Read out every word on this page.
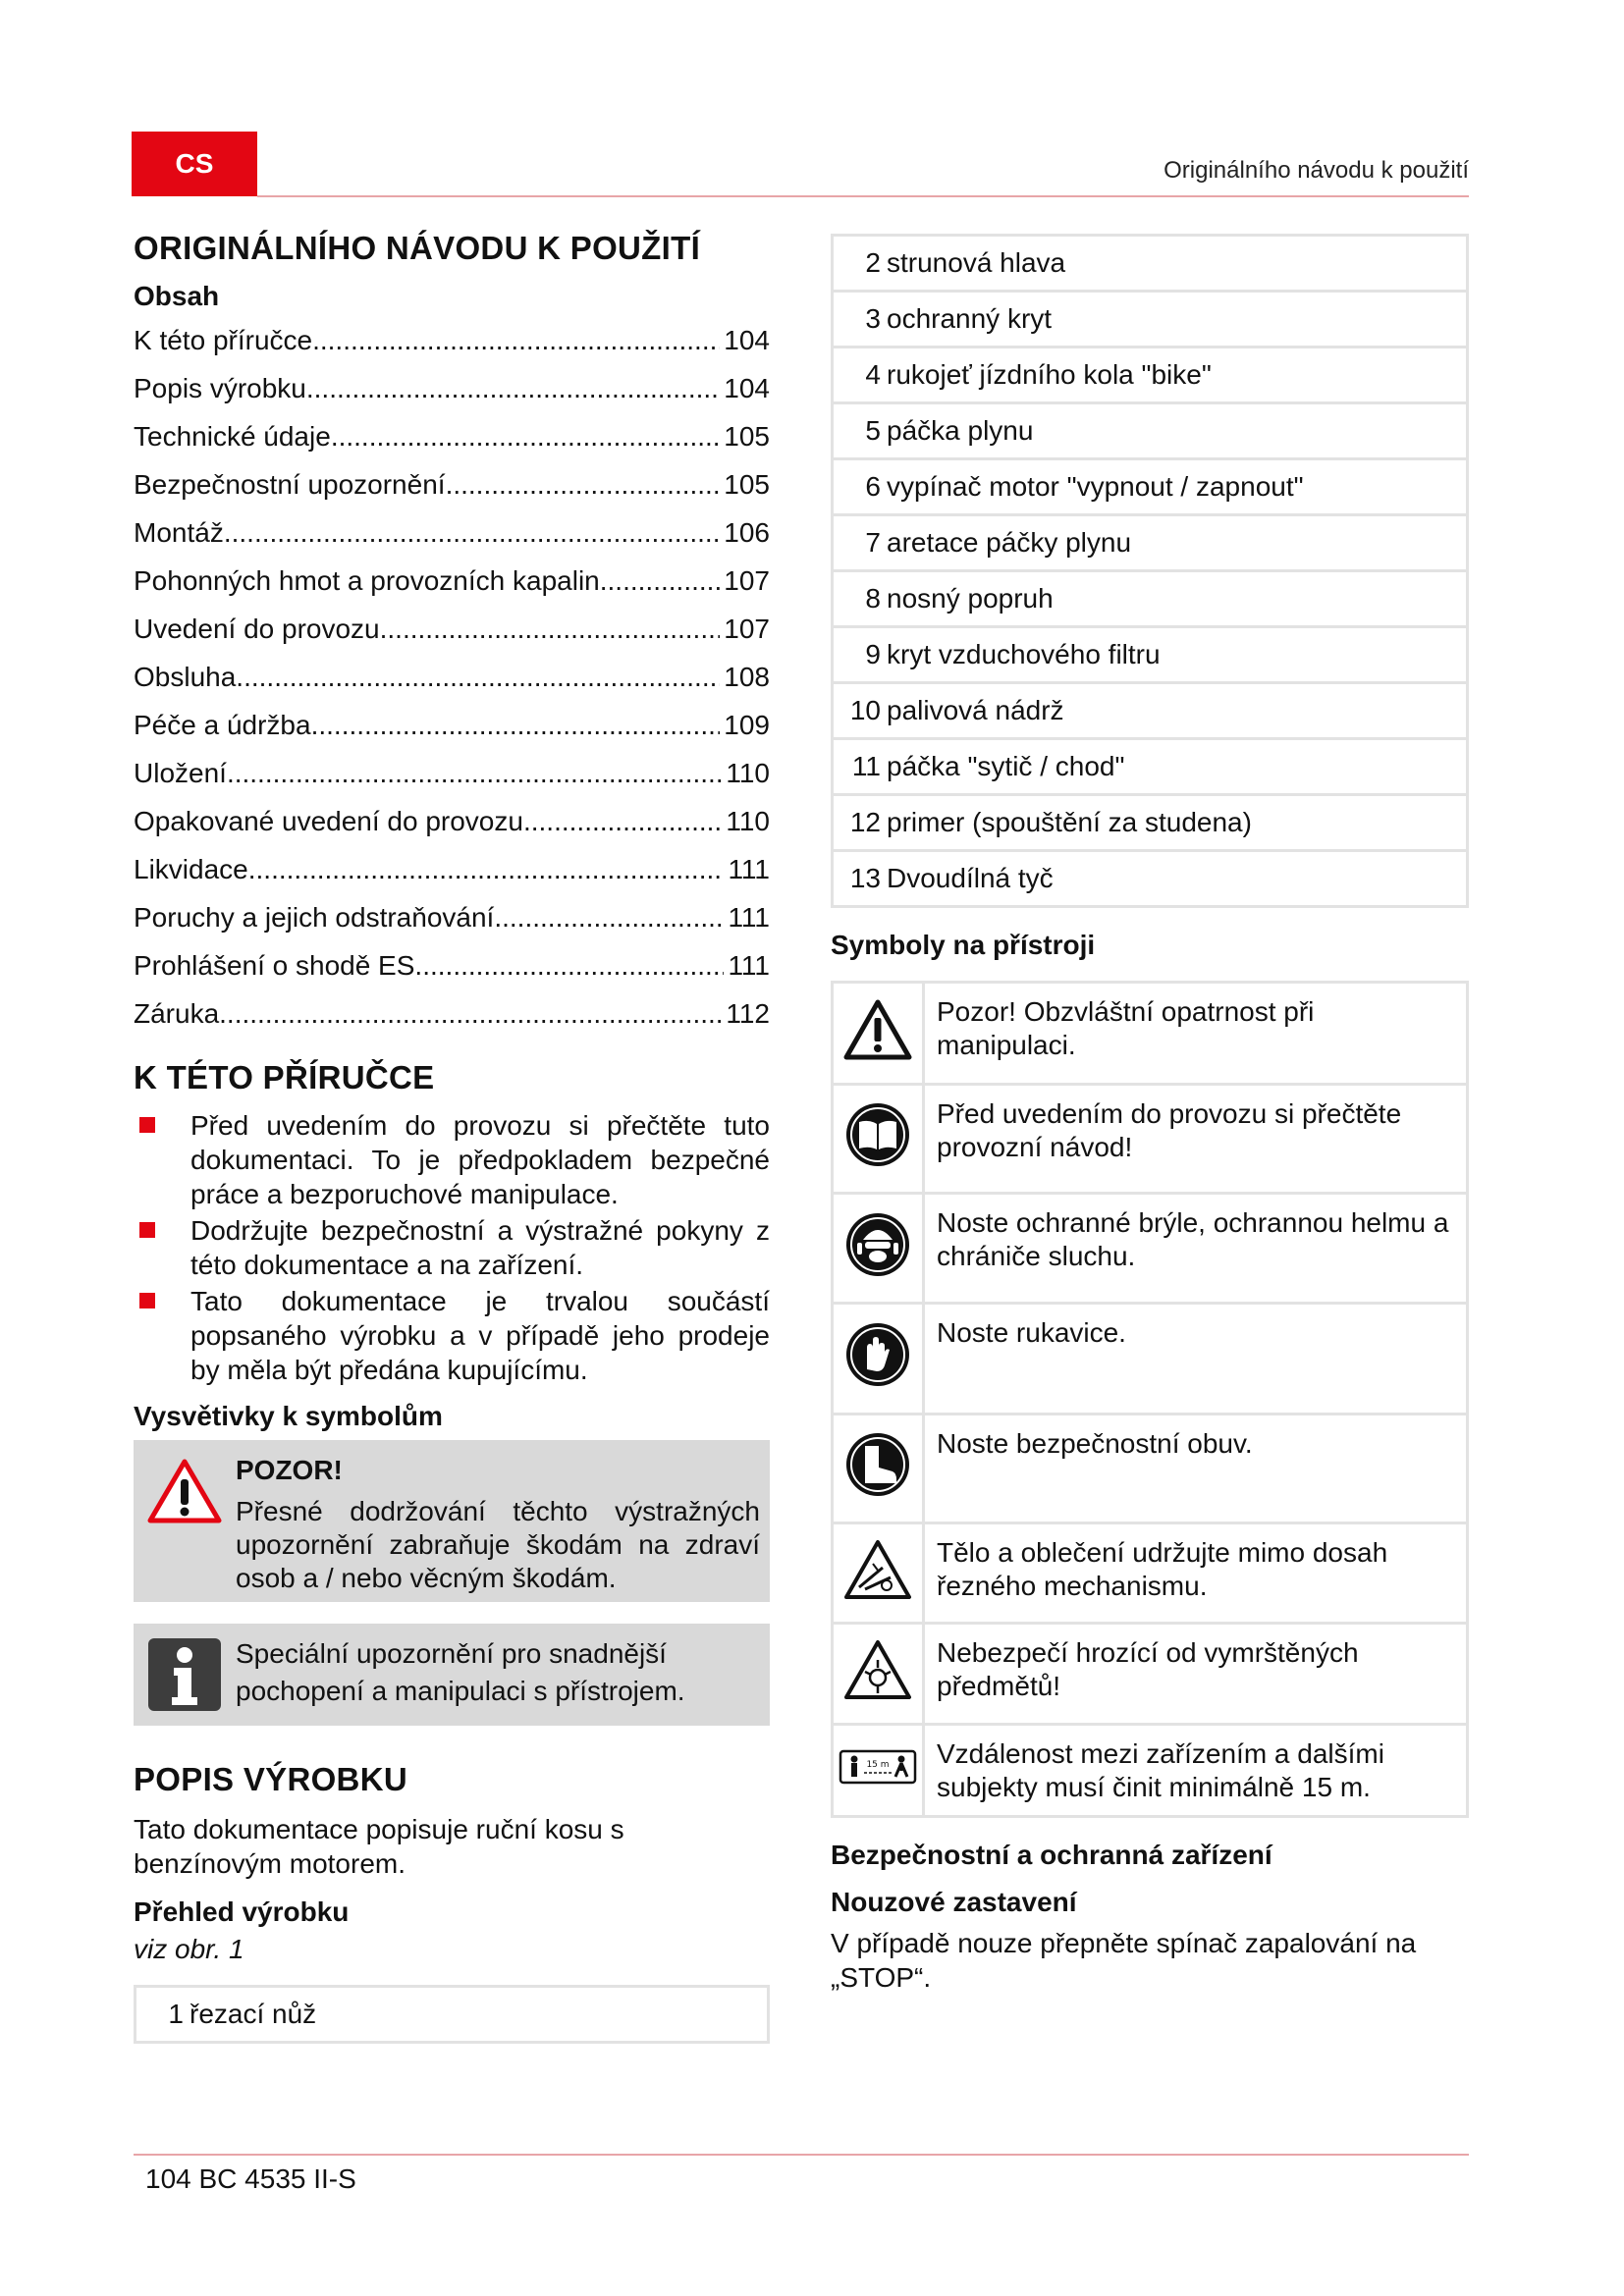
CS	Originálního návodu k použití
ORIGINÁLNÍHO NÁVODU K POUŽITÍ
Obsah
K této příručce .....	104
Popis výrobku .....	104
Technické údaje .....	105
Bezpečnostní upozornění .....	105
Montáž .....	106
Pohonných hmot a provozních kapalin .....	107
Uvedení do provozu .....	107
Obsluha .....	108
Péče a údržba .....	109
Uložení .....	110
Opakované uvedení do provozu .....	110
Likvidace .....	111
Poruchy a jejich odstraňování .....	111
Prohlášení o shodě ES .....	111
Záruka .....	112
K TÉTO PŘÍRUČCE
Před uvedením do provozu si přečtěte tuto dokumentaci. To je předpokladem bezpečné práce a bezporuchové manipulace.
Dodržujte bezpečnostní a výstražné pokyny z této dokumentace a na zařízení.
Tato dokumentace je trvalou součástí popsaného výrobku a v případě jeho prodeje by měla být předána kupujícímu.
Vysvětivky k symbolům
POZOR!
Přesné dodržování těchto výstražných upozornění zabraňuje škodám na zdraví osob a / nebo věcným škodám.
Speciální upozornění pro snadnější pochopení a manipulaci s přístrojem.
POPIS VÝROBKU
Tato dokumentace popisuje ruční kosu s benzínovým motorem.
Přehled výrobku
viz obr. 1
1 řezací nůž
2 strunová hlava

3 ochranný kryt

4 rukojeť jízdního kola "bike"

5 páčka plynu

6 vypínač motor "vypnout / zapnout"

7 aretace páčky plynu

8 nosný popruh

9 kryt vzduchového filtru

10 palivová nádrž

11 páčka "sytič / chod"

12 primer (spouštění za studena)

13 Dvoudílná tyč
Symboly na přístroji
	Pozor! Obzvláštní opatrnost při manipulaci.
	Před uvedením do provozu si přečtěte provozní návod!
	Noste ochranné brýle, ochrannou helmu a chrániče sluchu.
	Noste rukavice.
	Noste bezpečnostní obuv.
	Tělo a oblečení udržujte mimo dosah řezného mechanismu.
	Nebezpečí hrozící od vymrštěných předmětů!

15 m	Vzdálenost mezi zařízením a dalšími subjekty musí činit minimálně 15 m.
Bezpečnostní a ochranná zařízení
Nouzové zastavení
V případě nouze přepněte spínač zapalování na „STOP“.
104 BC 4535 II-S
